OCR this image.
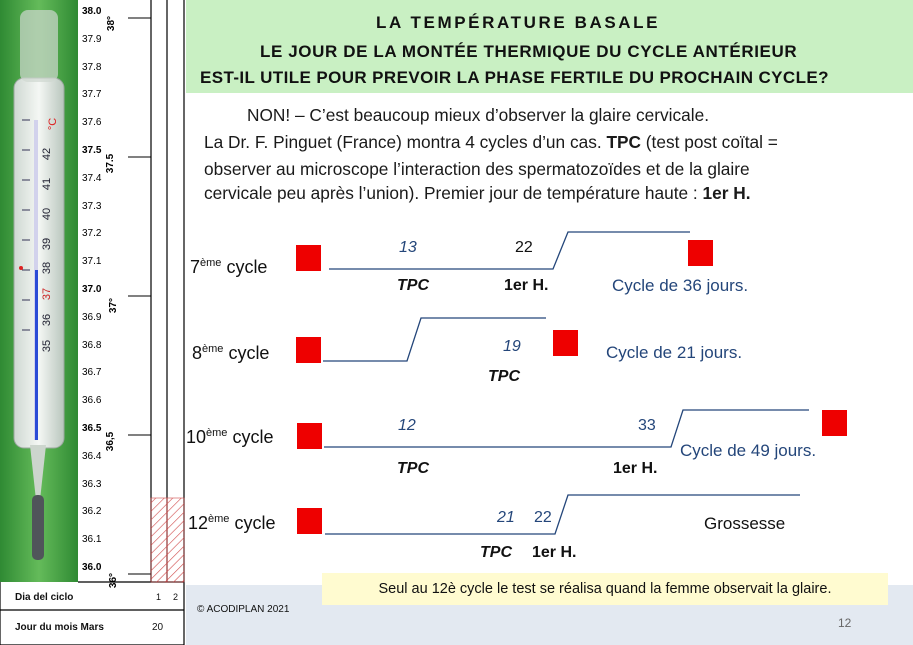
°C
42
41
40
39
38
37
36
35
LA TEMPÉRATURE BASALE
LE JOUR DE LA MONTÉE THERMIQUE DU CYCLE ANTÉRIEUR
EST-IL UTILE POUR PREVOIR LA PHASE FERTILE DU PROCHAIN CYCLE?
38.0
37.9
37.8
37.7
37.6
37.5
37.4
37.3
37.2
37.1
37.0
36.9
36.8
36.7
36.6
36.5
36.4
36.3
36.2
36.1
36.0
38°
37.5
37°
36,5
36°
Dia del ciclo	1 2
Jour du mois Mars	20
NON! – C’est beaucoup mieux d’observer la glaire cervicale.
La Dr. F. Pinguet (France) montra 4 cycles d’un cas. TPC (test post coïtal =
observer au microscope l’interaction des spermatozoïdes et de la glaire
cervicale peu après l’union). Premier jour de température haute : 1er H.
7ème cycle
13	22
TPC	1er H.	Cycle de 36 jours.
8ème cycle	19
TPC
Cycle de 21 jours.
10ème cycle
12	33
TPC	1er H.
Cycle de 49 jours.
12ème cycle	21 22
TPC 1er H.
Grossesse
Seul au 12è cycle le test se réalisa quand la femme observait la glaire.
© ACODIPLAN 2021
12
